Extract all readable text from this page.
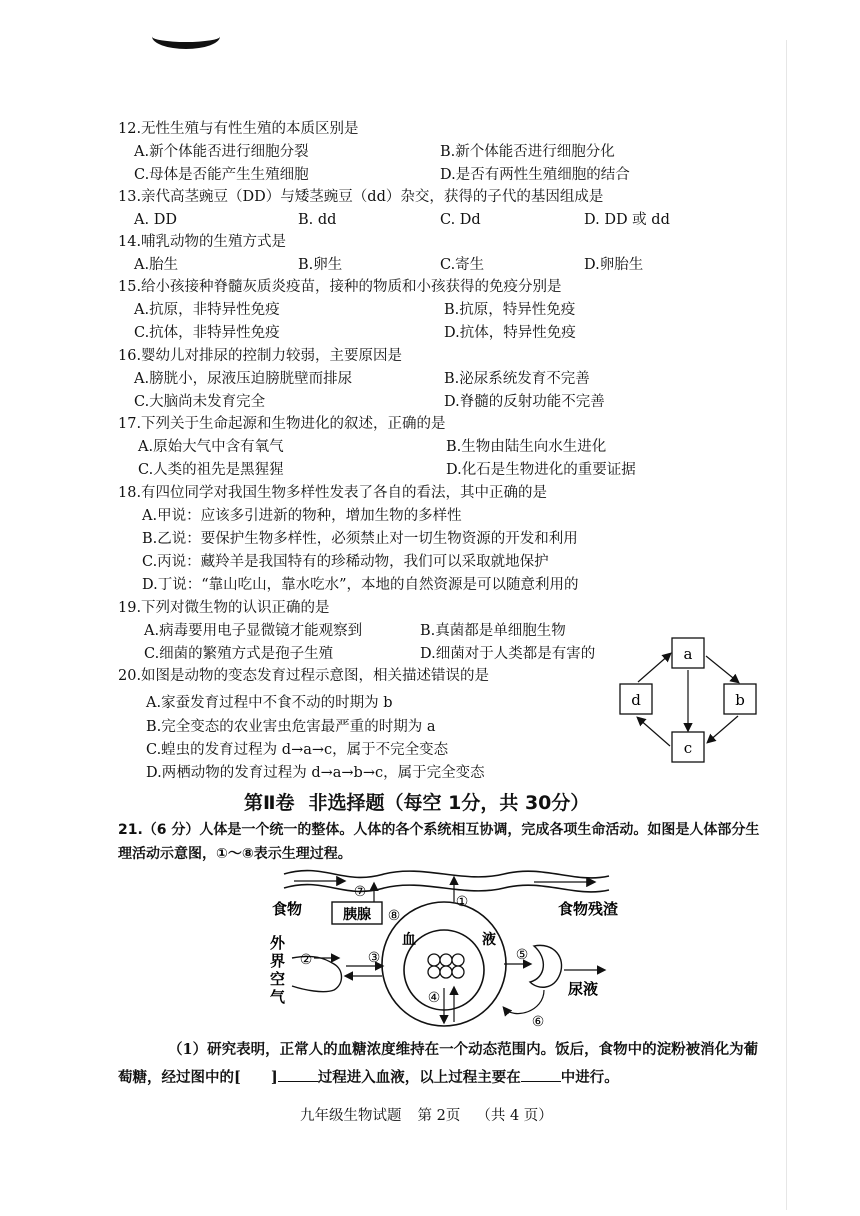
12.无性生殖与有性生殖的本质区别是
A.新个体能否进行细胞分裂	B.新个体能否进行细胞分化
C.母体是否能产生生殖细胞	D.是否有两性生殖细胞的结合
13.亲代高茎豌豆（DD）与矮茎豌豆（dd）杂交，获得的子代的基因组成是
A. DD	B. dd	C. Dd	D. DD 或 dd
14.哺乳动物的生殖方式是
A.胎生	B.卵生	C.寄生	D.卵胎生
15.给小孩接种脊髓灰质炎疫苗，接种的物质和小孩获得的免疫分别是
A.抗原，非特异性免疫	B.抗原，特异性免疫
C.抗体，非特异性免疫	D.抗体，特异性免疫
16.婴幼儿对排尿的控制力较弱，主要原因是
A.膀胱小，尿液压迫膀胱壁而排尿	B.泌尿系统发育不完善
C.大脑尚未发育完全	D.脊髓的反射功能不完善
17.下列关于生命起源和生物进化的叙述，正确的是
A.原始大气中含有氧气	B.生物由陆生向水生进化
C.人类的祖先是黑猩猩	D.化石是生物进化的重要证据
18.有四位同学对我国生物多样性发表了各自的看法，其中正确的是
A.甲说：应该多引进新的物种，增加生物的多样性
B.乙说：要保护生物多样性，必须禁止对一切生物资源的开发和利用
C.丙说：藏羚羊是我国特有的珍稀动物，我们可以采取就地保护
D.丁说：“靠山吃山，靠水吃水”，本地的自然资源是可以随意利用的
19.下列对微生物的认识正确的是
A.病毒要用电子显微镜才能观察到	B.真菌都是单细胞生物
C.细菌的繁殖方式是孢子生殖	D.细菌对于人类都是有害的
20.如图是动物的变态发育过程示意图，相关描述错误的是
A.家蚕发育过程中不食不动的时期为 b
B.完全变态的农业害虫危害最严重的时期为 a
C.蝗虫的发育过程为 d→a→c，属于不完全变态
D.两栖动物的发育过程为 d→a→b→c，属于完全变态
a
b
c
d
第Ⅱ卷 非选择题（每空 1分，共 30分）
21.（6 分）人体是一个统一的整体。人体的各个系统相互协调，完成各项生命活动。如图是人体部分生理活动示意图，①～⑧表示生理过程。
食物	食物残渣
胰腺
⑦
⑧
血	液
①
④
外
界
空
气
②	③	⑤
尿液
⑥
（1）研究表明，正常人的血糖浓度维持在一个动态范围内。饭后，食物中的淀粉被消化为葡萄糖，经过图中的[ ]	过程进入血液，以上过程主要在	中进行。
九年级生物试题 第 2页 （共 4 页）
